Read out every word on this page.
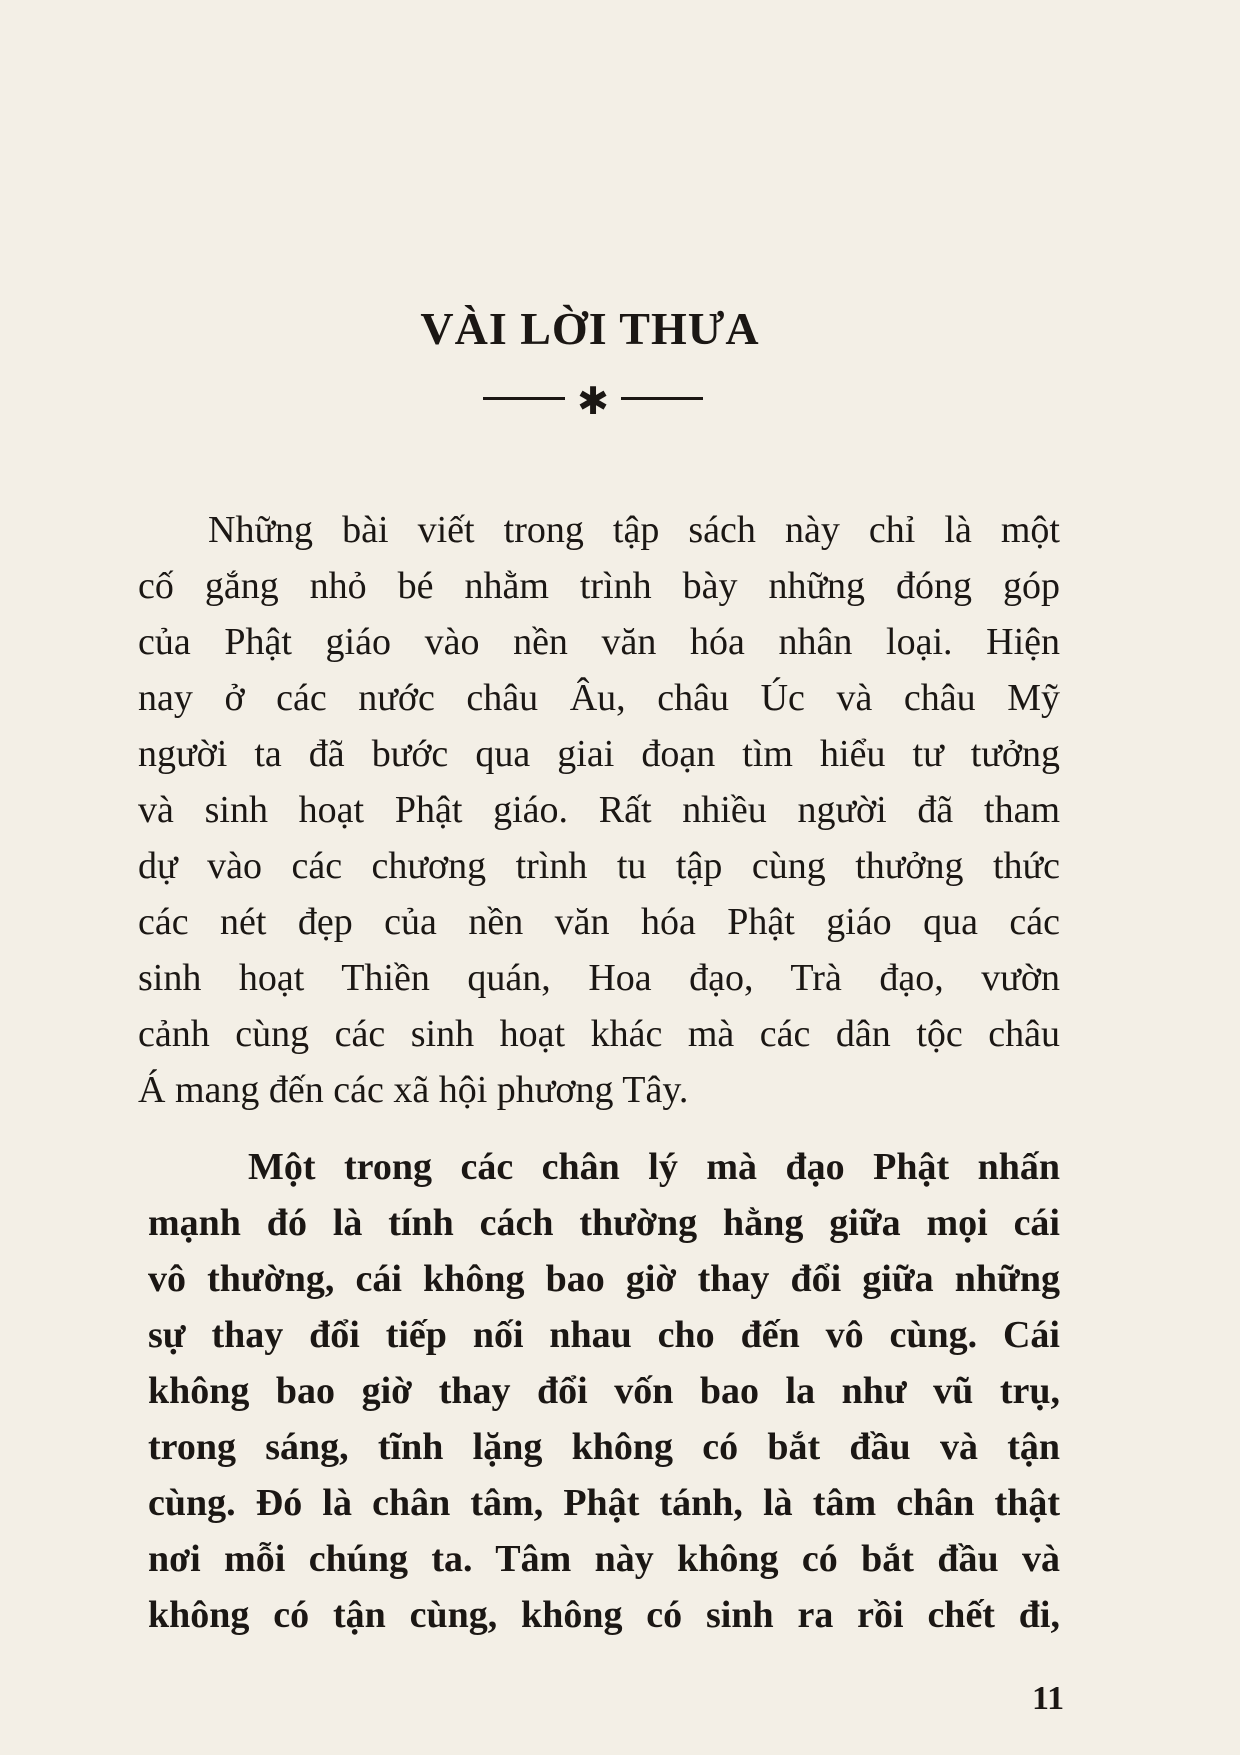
VÀI LỜI THƯA
✱
Những bài viết trong tập sách này chỉ là một
cố gắng nhỏ bé nhằm trình bày những đóng góp
của Phật giáo vào nền văn hóa nhân loại. Hiện
nay ở các nước châu Âu, châu Úc và châu Mỹ
người ta đã bước qua giai đoạn tìm hiểu tư tưởng
và sinh hoạt Phật giáo. Rất nhiều người đã tham
dự vào các chương trình tu tập cùng thưởng thức
các nét đẹp của nền văn hóa Phật giáo qua các
sinh hoạt Thiền quán, Hoa đạo, Trà đạo, vườn
cảnh cùng các sinh hoạt khác mà các dân tộc châu
Á mang đến các xã hội phương Tây.
Một trong các chân lý mà đạo Phật nhấn
mạnh đó là tính cách thường hằng giữa mọi cái
vô thường, cái không bao giờ thay đổi giữa những
sự thay đổi tiếp nối nhau cho đến vô cùng. Cái
không bao giờ thay đổi vốn bao la như vũ trụ,
trong sáng, tĩnh lặng không có bắt đầu và tận
cùng. Đó là chân tâm, Phật tánh, là tâm chân thật
nơi mỗi chúng ta. Tâm này không có bắt đầu và
không có tận cùng, không có sinh ra rồi chết đi,
11
